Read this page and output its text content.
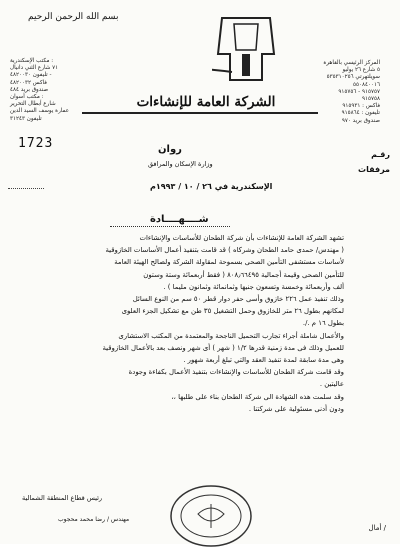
بسم الله الرحمن الرحيم
مكتب الإسكندرية :
٧١ شارع الثني دانيال
تليفون ٤٨٢٠٠٣٠ -
فاكس ٤٨٢٠٠٣٢
صندوق بريد ٤٨٤
مكتب أسوان :
شارع أبطال التحرير
عمارة يوسف السيد الدين
تليفون ٣١٢٤٣
المركز الرئيسي بالقاهرة
٥ شارع ٢٦ يوليو
سويلتهرتي ٥٣٥٣١٠٢٥٦
٥٥٠٨٤٠٠١٦
٩١٥٧٥٧ - ٩١٥٧٥٦
٩١٥٧٥٨
فاكس : ٩١٥٩٣١
تليفون : ٩١٥٨٦٤
صندوق بريد ٩٧٠
الشركة العامة للإنشاءات
1723	روان
وزارة الإسكان والمرافق
الإسكندرية في ٢٦ / ١٠ / ١٩٩٣م
رقـم
مرفقات
شــــهــــادة
تشهد الشركة العامة للإنشاءات بأن شركة الطحان للأساسات والإنشاءات
( مهندس/ حمدى حامد الطحان وشركاه ) قد قامت بتنفيذ أعمال الأساسات الخازوقية
لأساسات مستشفى التأمين الصحى بسموحة لمقاولة الشركة ولصالح الهيئة العامة
للتأمين الصحى وقيمة أجمالية ٨٠٨٫٦٦٤٩٥ ( فقط أربعمائة وستة وستون
ألف وأربعمائة وخمسة وتسعون جنيها وثمانمائة وثمانون مليما ) .
وذلك تنفيذ عمل ٢٢٦ خازوق وأسى حفر دوار قطر ٥٠ سم من النوع السائل
لمكانهم بطول ٢٦ متر للخازوق وحمل التشغيل ٣٥ طن مع تشكيل الجزء العلوى
بطول ١٦ م ./.
والأعمال شاملة أجراء تجارب التحميل الناجحة والمعتمدة من المكتب الاستشارى
للعميل وذلك فى مدة زمنية قدرها ١/٢ ( شهر ) أى شهر ونصف بعد بالأعمال الخازوقية
وهى مدة سابقة لمدة تنفيذ العقد والتي تبلغ أربعة شهور .
وقد قامت شركة الطحان للأساسات والإنشاءات بتنفيذ الأعمال بكفاءة وجودة
عاليتين .
وقد سلمت هذه الشهادة الى شركة الطحان بناء على طلبها ،،
ودون أدنى مسئولية على شركتنا .
رئيس قطاع المنطقة الشمالية
مهندس / رضا محمد محجوب
أمال /
